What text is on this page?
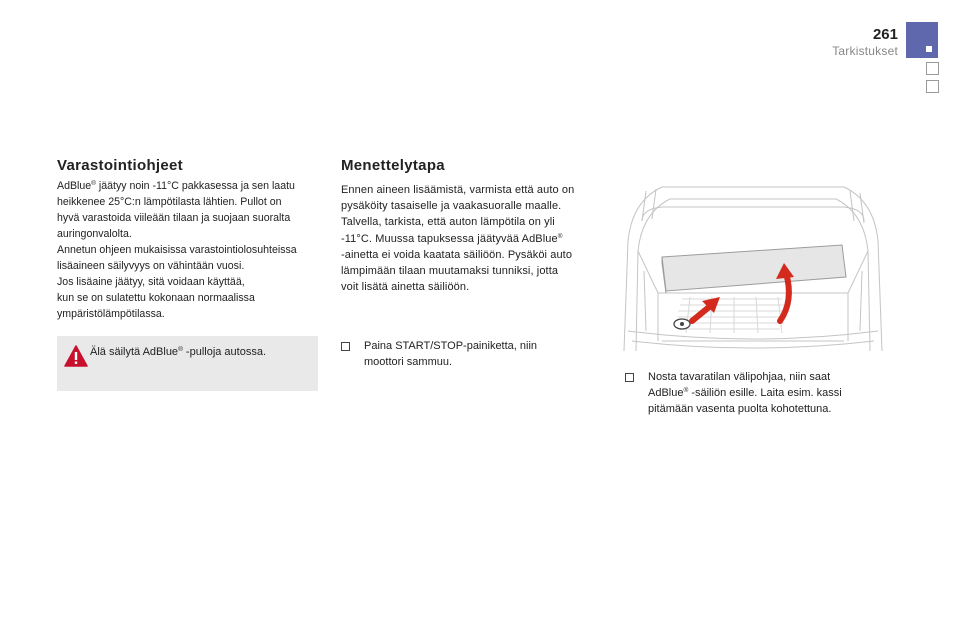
261
Tarkistukset
Varastointiohjeet

AdBlue® jäätyy noin -11°C pakkasessa ja sen laatu

heikkenee 25°C:n lämpötilasta lähtien. Pullot on

hyvä varastoida viileään tilaan ja suojaan suoralta

auringonvalolta.

Annetun ohjeen mukaisissa varastointiolosuhteissa

lisäaineen säilyvyys on vähintään vuosi.

Jos lisäaine jäätyy, sitä voidaan käyttää,

kun se on sulatettu kokonaan normaalissa

ympäristölämpötilassa.

Älä säilytä AdBlue® -pulloja autossa.
Menettelytapa

Ennen aineen lisäämistä, varmista että auto on

pysäköity tasaiselle ja vaakasuoralle maalle.

Talvella, tarkista, että auton lämpötila on yli

-11°C. Muussa tapuksessa jäätyvää AdBlue®

-ainetta ei voida kaatata säiliöön. Pysäköi auto

lämpimään tilaan muutamaksi tunniksi, jotta

voit lisätä ainetta säiliöön.

Paina START/STOP-painiketta, niin
moottori sammuu.
Nosta tavaratilan välipohjaa, niin saat
AdBlue® -säiliön esille. Laita esim. kassi
pitämään vasenta puolta kohotettuna.
